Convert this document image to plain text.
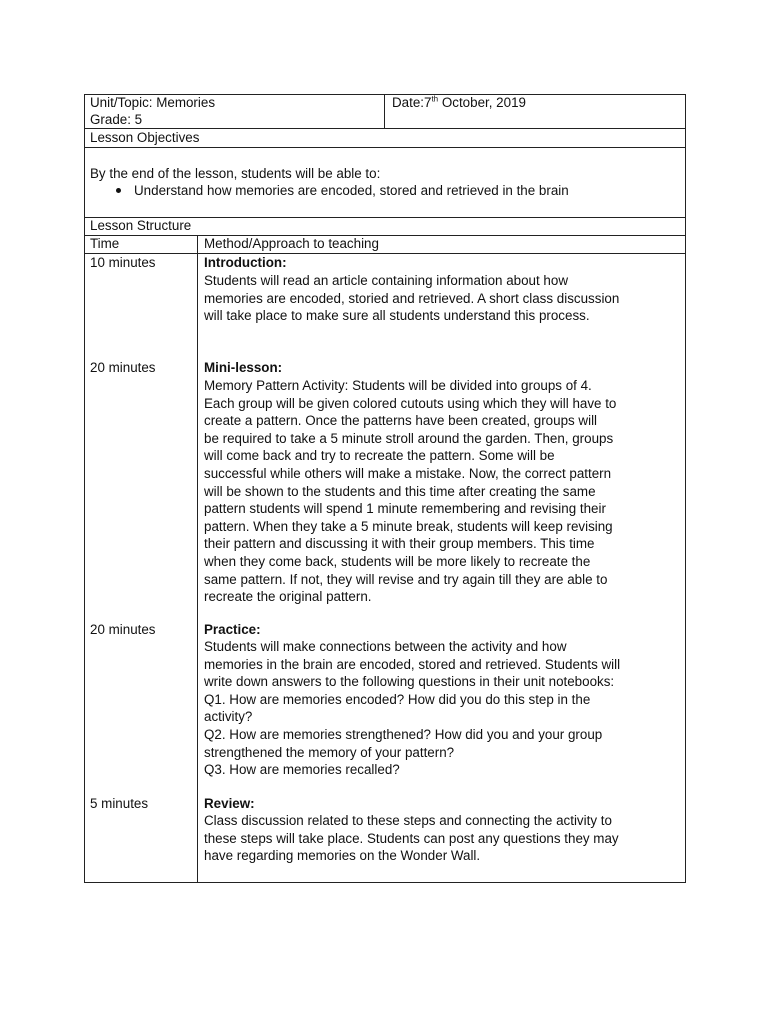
Unit/Topic: Memories
Grade: 5
Date:7th October, 2019
Lesson Objectives
By the end of the lesson, students will be able to:
Understand how memories are encoded, stored and retrieved in the brain
Lesson Structure
Time	Method/Approach to teaching
10 minutes	Introduction:
Students will read an article containing information about how
memories are encoded, storied and retrieved. A short class discussion
will take place to make sure all students understand this process.
20 minutes	Mini-lesson:
Memory Pattern Activity: Students will be divided into groups of 4.
Each group will be given colored cutouts using which they will have to
create a pattern. Once the patterns have been created, groups will
be required to take a 5 minute stroll around the garden. Then, groups
will come back and try to recreate the pattern. Some will be
successful while others will make a mistake. Now, the correct pattern
will be shown to the students and this time after creating the same
pattern students will spend 1 minute remembering and revising their
pattern. When they take a 5 minute break, students will keep revising
their pattern and discussing it with their group members. This time
when they come back, students will be more likely to recreate the
same pattern. If not, they will revise and try again till they are able to
recreate the original pattern.
20 minutes	Practice:
Students will make connections between the activity and how
memories in the brain are encoded, stored and retrieved. Students will
write down answers to the following questions in their unit notebooks:
Q1. How are memories encoded? How did you do this step in the
activity?
Q2. How are memories strengthened? How did you and your group
strengthened the memory of your pattern?
Q3. How are memories recalled?
5 minutes	Review:
Class discussion related to these steps and connecting the activity to
these steps will take place. Students can post any questions they may
have regarding memories on the Wonder Wall.
